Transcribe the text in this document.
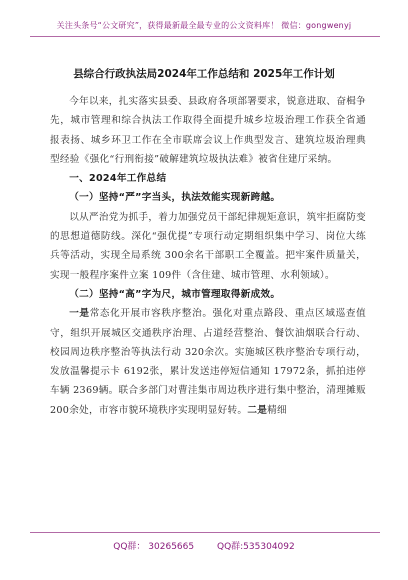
关注头条号“公文研究”，获得最新最全最专业的公文资料库！ 微信：gongwenyj
县综合行政执法局2024年工作总结和 2025年工作计划

今年以来，扎实落实县委、县政府各项部署要求，锐意进取、奋楫争先，城市管理和综合执法工作取得全面提升城乡垃圾治理工作获全省通报表扬、城乡环卫工作在全市联席会议上作典型发言、建筑垃圾治理典型经验《强化“行刑衔接”破解建筑垃圾执法难》被省住建厅采纳。

一、2024年工作总结

（一）坚持“严”字当头，执法效能实现新跨越。

以从严治党为抓手，着力加强党员干部纪律规矩意识，筑牢拒腐防变的思想道德防线。深化“强优提”专项行动定期组织集中学习、岗位大练兵等活动，实现全局系统 300余名干部职工全覆盖。把牢案件质量关，实现一般程序案件立案 109件（含住建、城市管理、水利领域）。

（二）坚持“高”字为尺，城市管理取得新成效。

一是常态化开展市容秩序整治。强化对重点路段、重点区域巡查值守，组织开展城区交通秩序治理、占道经营整治、餐饮油烟联合行动、校园周边秩序整治等执法行动 320余次。实施城区秩序整治专项行动，发放温馨提示卡 6192张，累计发送违停短信通知 17972条，抓拍违停车辆 2369辆。联合多部门对曹洼集市周边秩序进行集中整治，清理摊贩 200余处，市容市貌环境秩序实现明显好转。二是精细

QQ群： 30265665	QQ群:535304092
